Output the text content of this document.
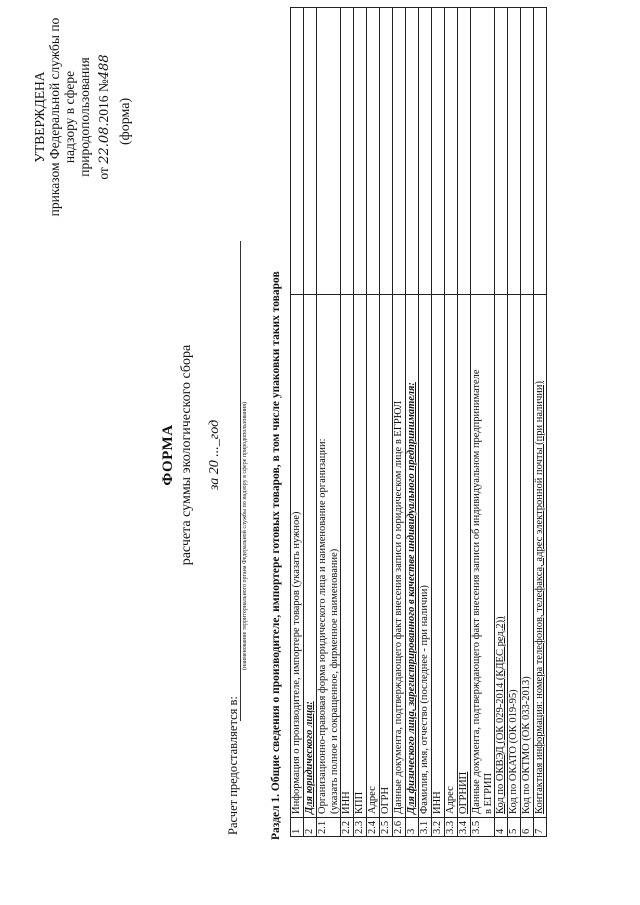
УТВЕРЖДЕНА приказом Федеральной службы по надзору в сфере природопользования от 22.08.2016 №488
(форма)
ФОРМА расчета суммы экологического сбора за 20 ..._год
Расчет предоставляется в:
(наименование территориального органа Федеральной службы по надзору в сфере природопользования) Раздел 1. Общие сведения о производителе, импортере готовых товаров, в том числе упаковки таких товаров 1	Информация о производителе, импортере товаров (указать нужное)	
2	Для юридического лица:	
2.1	Организационно-правовая форма юридического лица и наименование организации:
(указать полное и сокращенное, фирменное наименование)	
2.2	ИНН	
2.3	КПП	
2.4	Адрес	
2.5	ОГРН	
2.6	Данные документа, подтверждающего факт внесения записи о юридическом лице в ЕГРЮЛ	
3	Для физического лица, зарегистрированного в качестве индивидуального предпринимателя:	
3.1	Фамилия, имя, отчество (последнее - при наличии)	
3.2	ИНН	
3.3	Адрес	
3.4	ОГРНИП	
3.5	Данные документа, подтверждающего факт внесения записи об индивидуальном предпринимателе
в ЕГРИП	
4	Код по ОКВЭД (ОК 029-2014 (КДЕС ред.2))	
5	Код по ОКАТО (ОК 019-95)	
6	Код по ОКТМО (ОК 033-2013)	
7	Контактная информация: номера телефонов, телефакса, адрес электронной почты (при наличии)	
